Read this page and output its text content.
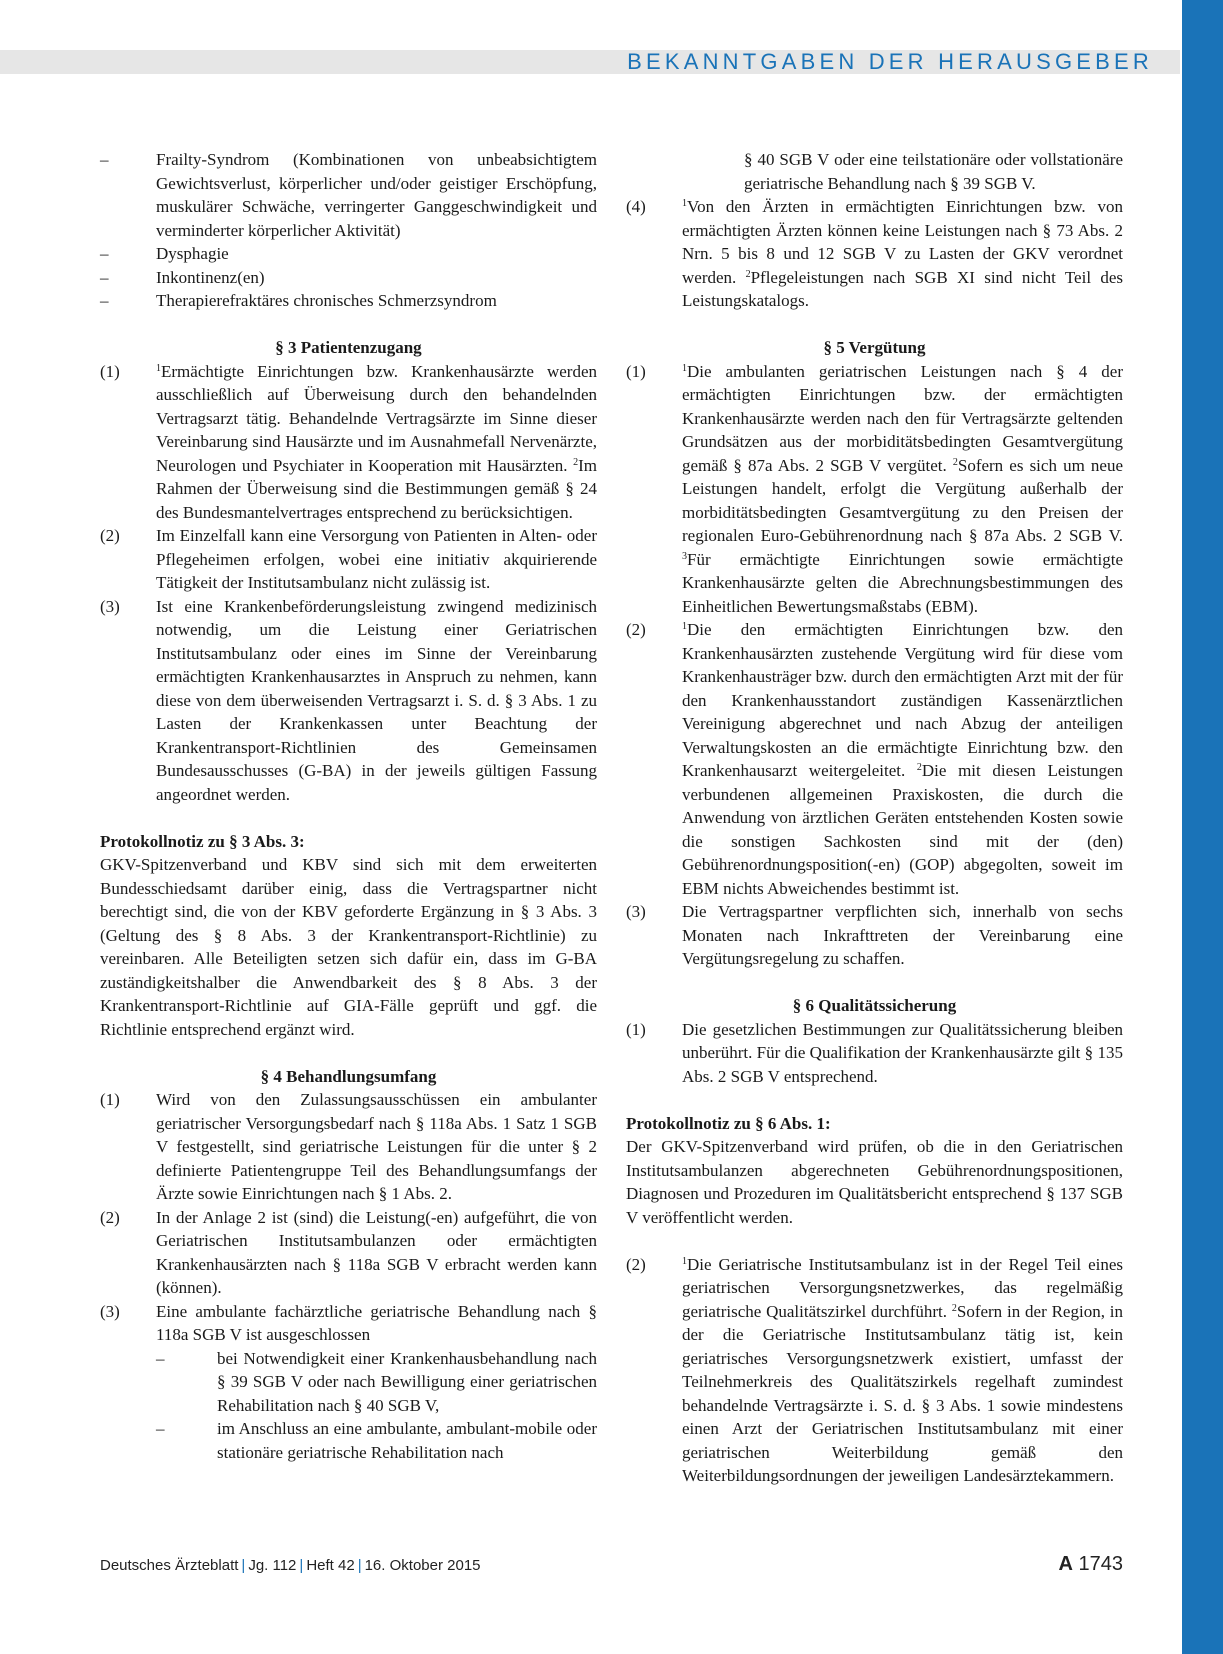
BEKANNTGABEN DER HERAUSGEBER
–	Frailty-Syndrom (Kombinationen von unbeabsichtigtem Gewichtsverlust, körperlicher und/oder geistiger Erschöpfung, muskulärer Schwäche, verringerter Ganggeschwindigkeit und verminderter körperlicher Aktivität)
–	Dysphagie
–	Inkontinenz(en)
–	Therapierefraktäres chronisches Schmerzsyndrom
§ 3 Patientenzugang
(1)	$^1$Ermächtigte Einrichtungen bzw. Krankenhausärzte werden ausschließlich auf Überweisung durch den behandelnden Vertragsarzt tätig. Behandelnde Vertragsärzte im Sinne dieser Vereinbarung sind Hausärzte und im Ausnahmefall Nervenärzte, Neurologen und Psychiater in Kooperation mit Hausärzten. $^2$Im Rahmen der Überweisung sind die Bestimmungen gemäß § 24 des Bundesmantelvertrages entsprechend zu berücksichtigen.
(2)	Im Einzelfall kann eine Versorgung von Patienten in Alten- oder Pflegeheimen erfolgen, wobei eine initiativ akquirierende Tätigkeit der Institutsambulanz nicht zulässig ist.
(3)	Ist eine Krankenbeförderungsleistung zwingend medizinisch notwendig, um die Leistung einer Geriatrischen Institutsambulanz oder eines im Sinne der Vereinbarung ermächtigten Krankenhausarztes in Anspruch zu nehmen, kann diese von dem überweisenden Vertragsarzt i. S. d. § 3 Abs. 1 zu Lasten der Krankenkassen unter Beachtung der Krankentransport-Richtlinien des Gemeinsamen Bundesausschusses (G-BA) in der jeweils gültigen Fassung angeordnet werden.

Protokollnotiz zu § 3 Abs. 3:

GKV-Spitzenverband und KBV sind sich mit dem erweiterten Bundesschiedsamt darüber einig, dass die Vertragspartner nicht berechtigt sind, die von der KBV geforderte Ergänzung in § 3 Abs. 3 (Geltung des § 8 Abs. 3 der Krankentransport-Richtlinie) zu vereinbaren. Alle Beteiligten setzen sich dafür ein, dass im G-BA zuständigkeitshalber die Anwendbarkeit des § 8 Abs. 3 der Krankentransport-Richtlinie auf GIA-Fälle geprüft und ggf. die Richtlinie entsprechend ergänzt wird.

§ 4 Behandlungsumfang
(1)	Wird von den Zulassungsausschüssen ein ambulanter geriatrischer Versorgungsbedarf nach § 118a Abs. 1 Satz 1 SGB V festgestellt, sind geriatrische Leistungen für die unter § 2 definierte Patientengruppe Teil des Behandlungsumfangs der Ärzte sowie Einrichtungen nach § 1 Abs. 2.
(2)	In der Anlage 2 ist (sind) die Leistung(-en) aufgeführt, die von Geriatrischen Institutsambulanzen oder ermächtigten Krankenhausärzten nach § 118a SGB V erbracht werden kann (können).
(3)	Eine ambulante fachärztliche geriatrische Behandlung nach § 118a SGB V ist ausgeschlossen
–	bei Notwendigkeit einer Krankenhausbehandlung nach § 39 SGB V oder nach Bewilligung einer geriatrischen Rehabilitation nach § 40 SGB V,
–	im Anschluss an eine ambulante, ambulant-mobile oder stationäre geriatrische Rehabilitation nach
§ 40 SGB V oder eine teilstationäre oder vollstationäre geriatrische Behandlung nach § 39 SGB V.
(4)	$^1$Von den Ärzten in ermächtigten Einrichtungen bzw. von ermächtigten Ärzten können keine Leistungen nach § 73 Abs. 2 Nrn. 5 bis 8 und 12 SGB V zu Lasten der GKV verordnet werden. $^2$Pflegeleistungen nach SGB XI sind nicht Teil des Leistungskatalogs.
§ 5 Vergütung
(1)	$^1$Die ambulanten geriatrischen Leistungen nach § 4 der ermächtigten Einrichtungen bzw. der ermächtigten Krankenhausärzte werden nach den für Vertragsärzte geltenden Grundsätzen aus der morbiditätsbedingten Gesamtvergütung gemäß § 87a Abs. 2 SGB V vergütet. $^2$Sofern es sich um neue Leistungen handelt, erfolgt die Vergütung außerhalb der morbiditätsbedingten Gesamtvergütung zu den Preisen der regionalen Euro-Gebührenordnung nach § 87a Abs. 2 SGB V. $^3$Für ermächtigte Einrichtungen sowie ermächtigte Krankenhausärzte gelten die Abrechnungsbestimmungen des Einheitlichen Bewertungsmaßstabs (EBM).
(2)	$^1$Die den ermächtigten Einrichtungen bzw. den Krankenhausärzten zustehende Vergütung wird für diese vom Krankenhausträger bzw. durch den ermächtigten Arzt mit der für den Krankenhausstandort zuständigen Kassenärztlichen Vereinigung abgerechnet und nach Abzug der anteiligen Verwaltungskosten an die ermächtigte Einrichtung bzw. den Krankenhausarzt weitergeleitet. $^2$Die mit diesen Leistungen verbundenen allgemeinen Praxiskosten, die durch die Anwendung von ärztlichen Geräten entstehenden Kosten sowie die sonstigen Sachkosten sind mit der (den) Gebührenordnungsposition(-en) (GOP) abgegolten, soweit im EBM nichts Abweichendes bestimmt ist.
(3)	Die Vertragspartner verpflichten sich, innerhalb von sechs Monaten nach Inkrafttreten der Vereinbarung eine Vergütungsregelung zu schaffen.
§ 6 Qualitätssicherung
(1)	Die gesetzlichen Bestimmungen zur Qualitätssicherung bleiben unberührt. Für die Qualifikation der Krankenhausärzte gilt § 135 Abs. 2 SGB V entsprechend.

Protokollnotiz zu § 6 Abs. 1:

Der GKV-Spitzenverband wird prüfen, ob die in den Geriatrischen Institutsambulanzen abgerechneten Gebührenordnungspositionen, Diagnosen und Prozeduren im Qualitätsbericht entsprechend § 137 SGB V veröffentlicht werden.

(2)	$^1$Die Geriatrische Institutsambulanz ist in der Regel Teil eines geriatrischen Versorgungsnetzwerkes, das regelmäßig geriatrische Qualitätszirkel durchführt. $^2$Sofern in der Region, in der die Geriatrische Institutsambulanz tätig ist, kein geriatrisches Versorgungsnetzwerk existiert, umfasst der Teilnehmerkreis des Qualitätszirkels regelhaft zumindest behandelnde Vertragsärzte i. S. d. § 3 Abs. 1 sowie mindestens einen Arzt der Geriatrischen Institutsambulanz mit einer geriatrischen Weiterbildung gemäß den Weiterbildungsordnungen der jeweiligen Landesärztekammern.
Deutsches Ärzteblatt | Jg. 112 | Heft 42 | 16. Oktober 2015	A 1743
